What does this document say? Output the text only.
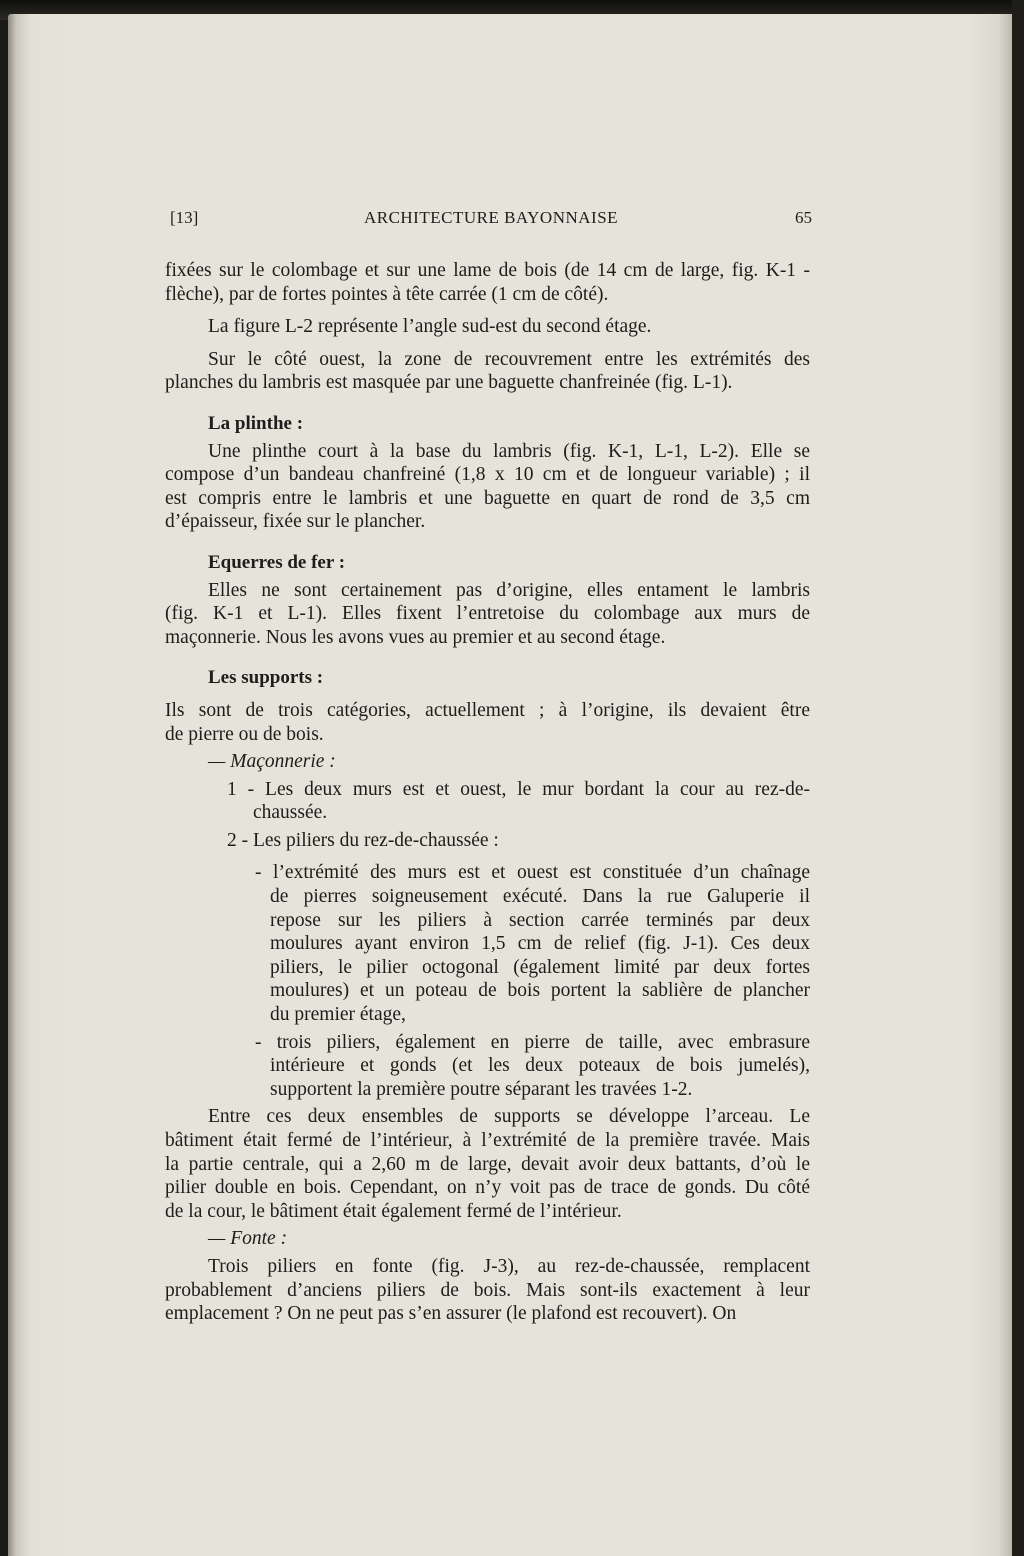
[13]	ARCHITECTURE BAYONNAISE	65
fixées sur le colombage et sur une lame de bois (de 14 cm de large, fig. K-1 -
flèche), par de fortes pointes à tête carrée (1 cm de côté).
La figure L-2 représente l’angle sud-est du second étage.
Sur le côté ouest, la zone de recouvrement entre les extrémités des
planches du lambris est masquée par une baguette chanfreinée (fig. L-1).
La plinthe :
Une plinthe court à la base du lambris (fig. K-1, L-1, L-2). Elle se
compose d’un bandeau chanfreiné (1,8 x 10 cm et de longueur variable) ; il
est compris entre le lambris et une baguette en quart de rond de 3,5 cm
d’épaisseur, fixée sur le plancher.
Equerres de fer :
Elles ne sont certainement pas d’origine, elles entament le lambris
(fig. K-1 et L-1). Elles fixent l’entretoise du colombage aux murs de
maçonnerie. Nous les avons vues au premier et au second étage.
Les supports :
Ils sont de trois catégories, actuellement ; à l’origine, ils devaient être
de pierre ou de bois.
— Maçonnerie :
1 - Les deux murs est et ouest, le mur bordant la cour au rez-de-
chaussée.
2 - Les piliers du rez-de-chaussée :
- l’extrémité des murs est et ouest est constituée d’un chaînage
de pierres soigneusement exécuté. Dans la rue Galuperie il
repose sur les piliers à section carrée terminés par deux
moulures ayant environ 1,5 cm de relief (fig. J-1). Ces deux
piliers, le pilier octogonal (également limité par deux fortes
moulures) et un poteau de bois portent la sablière de plancher
du premier étage,
- trois piliers, également en pierre de taille, avec embrasure
intérieure et gonds (et les deux poteaux de bois jumelés),
supportent la première poutre séparant les travées 1-2.
Entre ces deux ensembles de supports se développe l’arceau. Le
bâtiment était fermé de l’intérieur, à l’extrémité de la première travée. Mais
la partie centrale, qui a 2,60 m de large, devait avoir deux battants, d’où le
pilier double en bois. Cependant, on n’y voit pas de trace de gonds. Du côté
de la cour, le bâtiment était également fermé de l’intérieur.
— Fonte :
Trois piliers en fonte (fig. J-3), au rez-de-chaussée, remplacent
probablement d’anciens piliers de bois. Mais sont-ils exactement à leur
emplacement ? On ne peut pas s’en assurer (le plafond est recouvert). On
